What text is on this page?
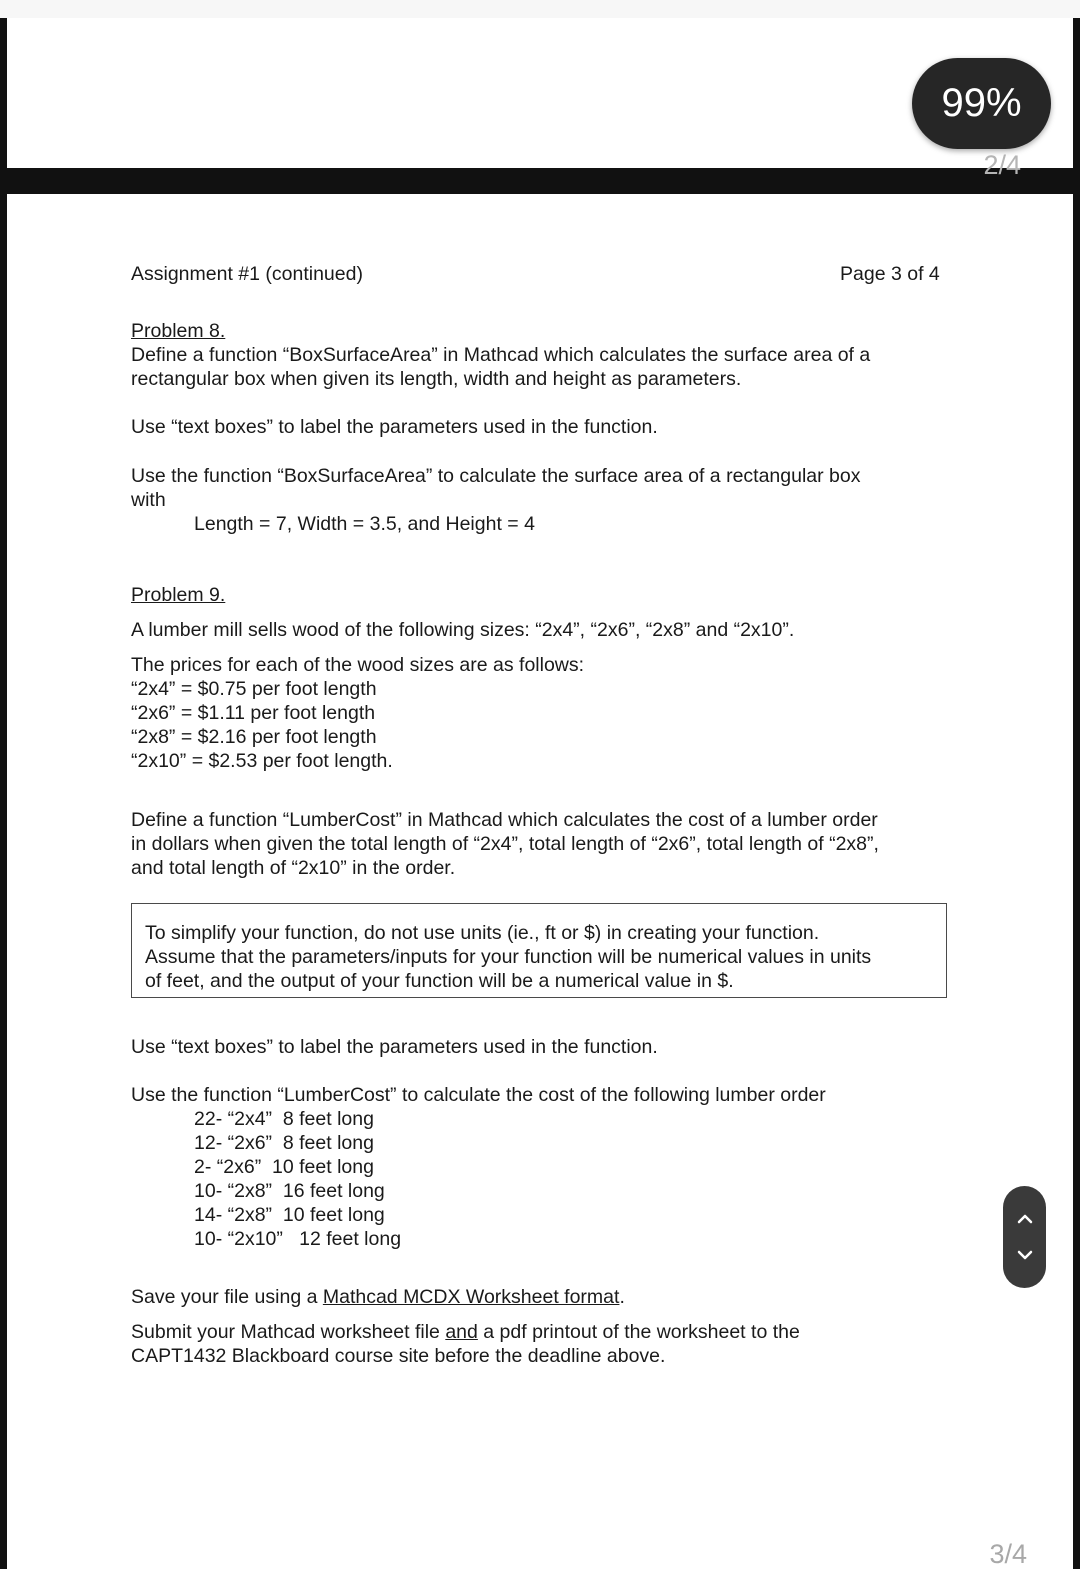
2/4
99%
Assignment #1 (continued)	Page 3 of 4
Problem 8.
Define a function “BoxSurfaceArea” in Mathcad which calculates the surface area of a
rectangular box when given its length, width and height as parameters.
Use “text boxes” to label the parameters used in the function.
Use the function “BoxSurfaceArea” to calculate the surface area of a rectangular box
with
Length = 7, Width = 3.5, and Height = 4
Problem 9.
A lumber mill sells wood of the following sizes: “2x4”, “2x6”, “2x8” and “2x10”.
The prices for each of the wood sizes are as follows:
“2x4” = $0.75 per foot length
“2x6” = $1.11 per foot length
“2x8” = $2.16 per foot length
“2x10” = $2.53 per foot length.
Define a function “LumberCost” in Mathcad which calculates the cost of a lumber order
in dollars when given the total length of “2x4”, total length of “2x6”, total length of “2x8”,
and total length of “2x10” in the order.
To simplify your function, do not use units (ie., ft or $) in creating your function.
Assume that the parameters/inputs for your function will be numerical values in units
of feet, and the output of your function will be a numerical value in $.
Use “text boxes” to label the parameters used in the function.
Use the function “LumberCost” to calculate the cost of the following lumber order
22- “2x4”  8 feet long
12- “2x6”  8 feet long
2- “2x6”  10 feet long
10- “2x8”  16 feet long
14- “2x8”  10 feet long
10- “2x10”   12 feet long
Save your file using a Mathcad MCDX Worksheet format.
Submit your Mathcad worksheet file and a pdf printout of the worksheet to the
CAPT1432 Blackboard course site before the deadline above.
3/4
